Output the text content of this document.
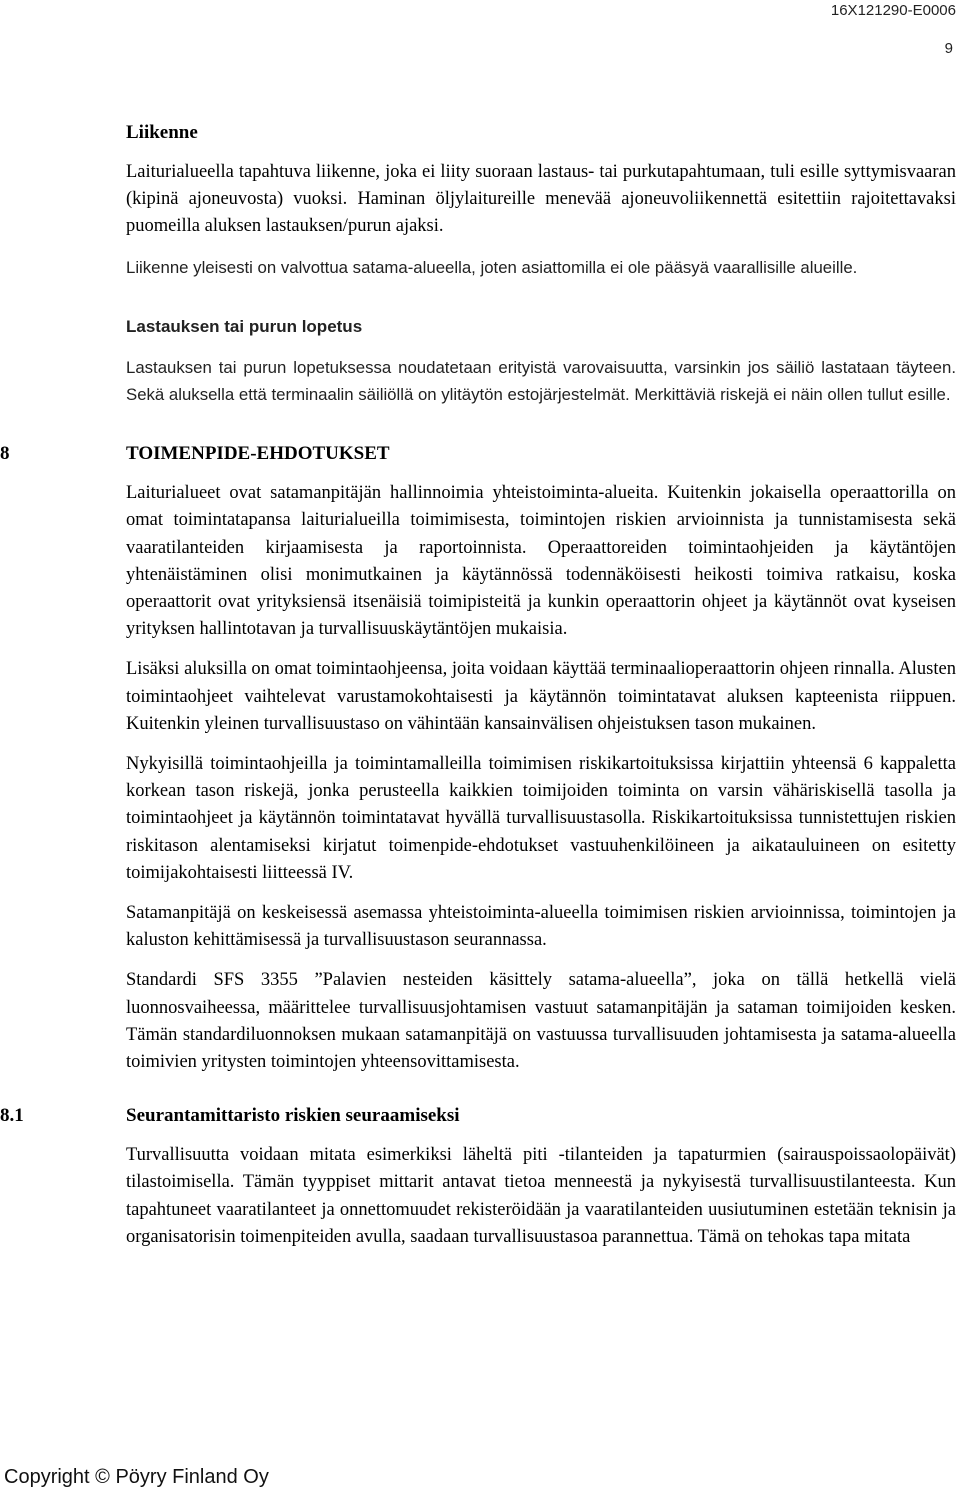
16X121290-E0006
9
Liikenne

Laiturialueella tapahtuva liikenne, joka ei liity suoraan lastaus- tai purkutapahtumaan, tuli esille syttymisvaaran (kipinä ajoneuvosta) vuoksi. Haminan öljylaitureille menevää ajoneuvoliikennettä esitettiin rajoitettavaksi puomeilla aluksen lastauksen/purun ajaksi.

Liikenne yleisesti on valvottua satama-alueella, joten asiattomilla ei ole pääsyä vaarallisille alueille.

Lastauksen tai purun lopetus

Lastauksen tai purun lopetuksessa noudatetaan erityistä varovaisuutta, varsinkin jos säiliö lastataan täyteen. Sekä aluksella että terminaalin säiliöllä on ylitäytön estojärjestelmät. Merkittäviä riskejä ei näin ollen tullut esille.

8	TOIMENPIDE-EHDOTUKSET

Laiturialueet ovat satamanpitäjän hallinnoimia yhteistoiminta-alueita. Kuitenkin jokaisella operaattorilla on omat toimintatapansa laiturialueilla toimimisesta, toimintojen riskien arvioinnista ja tunnistamisesta sekä vaaratilanteiden kirjaamisesta ja raportoinnista. Operaattoreiden toimintaohjeiden ja käytäntöjen yhtenäistäminen olisi monimutkainen ja käytännössä todennäköisesti heikosti toimiva ratkaisu, koska operaattorit ovat yrityksiensä itsenäisiä toimipisteitä ja kunkin operaattorin ohjeet ja käytännöt ovat kyseisen yrityksen hallintotavan ja turvallisuuskäytäntöjen mukaisia.

Lisäksi aluksilla on omat toimintaohjeensa, joita voidaan käyttää terminaalioperaattorin ohjeen rinnalla. Alusten toimintaohjeet vaihtelevat varustamokohtaisesti ja käytännön toimintatavat aluksen kapteenista riippuen. Kuitenkin yleinen turvallisuustaso on vähintään kansainvälisen ohjeistuksen tason mukainen.

Nykyisillä toimintaohjeilla ja toimintamalleilla toimimisen riskikartoituksissa kirjattiin yhteensä 6 kappaletta korkean tason riskejä, jonka perusteella kaikkien toimijoiden toiminta on varsin vähäriskisellä tasolla ja toimintaohjeet ja käytännön toimintatavat hyvällä turvallisuustasolla. Riskikartoituksissa tunnistettujen riskien riskitason alentamiseksi kirjatut toimenpide-ehdotukset vastuuhenkilöineen ja aikatauluineen on esitetty toimijakohtaisesti liitteessä IV.

Satamanpitäjä on keskeisessä asemassa yhteistoiminta-alueella toimimisen riskien arvioinnissa, toimintojen ja kaluston kehittämisessä ja turvallisuustason seurannassa.

Standardi SFS 3355 ”Palavien nesteiden käsittely satama-alueella”, joka on tällä hetkellä vielä luonnosvaiheessa, määrittelee turvallisuusjohtamisen vastuut satamanpitäjän ja sataman toimijoiden kesken. Tämän standardiluonnoksen mukaan satamanpitäjä on vastuussa turvallisuuden johtamisesta ja satama-alueella toimivien yritysten toimintojen yhteensovittamisesta.

8.1	Seurantamittaristo riskien seuraamiseksi

Turvallisuutta voidaan mitata esimerkiksi läheltä piti -tilanteiden ja tapaturmien (sairauspoissaolopäivät) tilastoimisella. Tämän tyyppiset mittarit antavat tietoa menneestä ja nykyisestä turvallisuustilanteesta. Kun tapahtuneet vaaratilanteet ja onnettomuudet rekisteröidään ja vaaratilanteiden uusiutuminen estetään teknisin ja organisatorisin toimenpiteiden avulla, saadaan turvallisuustasoa parannettua. Tämä on tehokas tapa mitata

Copyright © Pöyry Finland Oy
